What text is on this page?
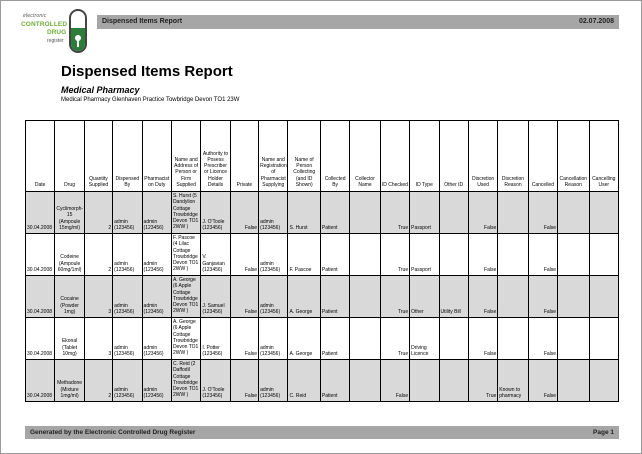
electronic
CONTROLLED
DRUG
register
Dispensed Items Report	02.07.2008
Dispensed Items Report
Medical Pharmacy
Medical Pharmacy Glenhaven Practice Towbridge Devon TO1 23W
Date	Drug	Quantity Supplied	Dispensed By	Pharmacist on Duty	Name and Address of Person or Firm Supplied	Authority to Posess Prescriber or Licence Holder Details	Private	Name and Registration of Pharmacist Supplying	Name of Person Collecting (and ID Shown)	Collected By	Collector Name	ID Checked	ID Type	Other ID	Discretion Used	Discretion Reason	Cancelled	Cancellation Reason	Cancelling User
30.04.2008	Cyclimorph-15 (Ampoule 15mg/ml)	2	admin (123456)	admin (123456)	S. Hurst (5 Dandylion Cottage Trowbridge Devon TO1 2WW )	J. O'Toole (123456)	False	admin (123456)	S. Hurst	Patient		True	Passport		False		False		
30.04.2008	Codeine (Ampoule 60mg/1ml)	2	admin (123456)	admin (123456)	F. Pascoe (4 Lilac Cottage Trowbridge Devon TO1 2WW )	V. Ganjavian (123456)	False	admin (123456)	F. Pascoe	Patient		True	Passport		False		False		
30.04.2008	Cocaine (Powder 1mg)	3	admin (123456)	admin (123456)	A. George (6 Apple Cottage Trowbridge Devon TO1 2WW )	J. Samuel (123456)	False	admin (123456)	A. George	Patient		True	Other	Utility Bill	False		False		
30.04.2008	Ekonal (Tablet 10mg)	3	admin (123456)	admin (123456)	A. George (6 Apple Cottage Trowbridge Devon TO1 2WW )	I. Potter (123456)	False	admin (123456)	A. George	Patient		True	Driving Licence		False		False		
30.04.2008	Methadone (Mixture 1mg/ml)	2	admin (123456)	admin (123456)	C. Reid (2 Daffodil Cottage Trowbridge Devon TO1 2WW )	J. O'Toole (123456)	False	admin (123456)	C. Reid	Patient		False			True	Known to pharmacy	False		
Generated by the Electronic Controlled Drug Register	Page 1
